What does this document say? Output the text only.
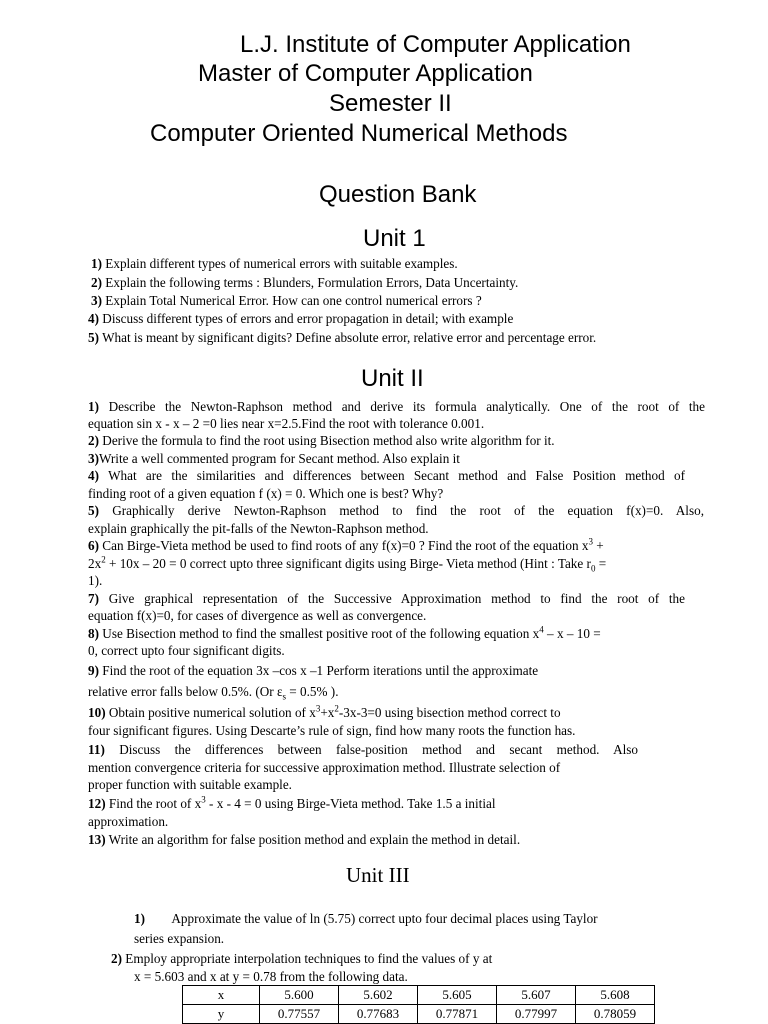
L.J. Institute of Computer Application
Master of Computer Application
Semester II
Computer Oriented Numerical Methods
Question Bank
Unit 1
1) Explain different types of numerical errors with suitable examples.
2) Explain the following terms : Blunders, Formulation Errors, Data Uncertainty.
3) Explain Total Numerical Error. How can one control numerical errors ?
4) Discuss different types of errors and error propagation in detail; with example
5) What is meant by significant digits? Define absolute error, relative error and percentage error.
Unit II
1) Describe the Newton-Raphson method and derive its formula analytically. One of the root of the
equation sin x - x – 2 =0 lies near x=2.5.Find the root with tolerance 0.001.
2) Derive the formula to find the root using Bisection method also write algorithm for it.
3)Write a well commented program for Secant method. Also explain it
4) What are the similarities and differences between Secant method and False Position method of
finding root of a given equation f (x) = 0. Which one is best? Why?
5) Graphically derive Newton-Raphson method to find the root of the equation f(x)=0. Also,
explain graphically the pit-falls of the Newton-Raphson method.
6) Can Birge-Vieta method be used to find roots of any f(x)=0 ? Find the root of the equation $x^3$ +
$2x^2 + 10x - 20 = 0$ correct upto three significant digits using Birge- Vieta method (Hint : Take $r_0$ =
1).
7) Give graphical representation of the Successive Approximation method to find the root of the
equation f(x)=0, for cases of divergence as well as convergence.
8) Use Bisection method to find the smallest positive root of the following equation $x^4$ – x – 10 =
0, correct upto four significant digits.
9) Find the root of the equation 3x –cos x –1 Perform iterations until the approximate
relative error falls below 0.5%. (Or $\varepsilon_s = 0.5\%$ ).
10) Obtain positive numerical solution of $x^3+x^2-3x-3=0$ using bisection method correct to
four significant figures. Using Descarte’s rule of sign, find how many roots the function has.
11) Discuss the differences between false-position method and secant method. Also
mention convergence criteria for successive approximation method. Illustrate selection of
proper function with suitable example.
12) Find the root of $x^3 - x - 4 = 0$ using Birge-Vieta method. Take 1.5 a initial
approximation.
13) Write an algorithm for false position method and explain the method in detail.
Unit III
1) Approximate the value of ln (5.75) correct upto four decimal places using Taylor
series expansion.
2) Employ appropriate interpolation techniques to find the values of y at
x = 5.603 and x at y = 0.78 from the following data.
x	5.600	5.602	5.605	5.607	5.608
y	0.77557	0.77683	0.77871	0.77997	0.78059
